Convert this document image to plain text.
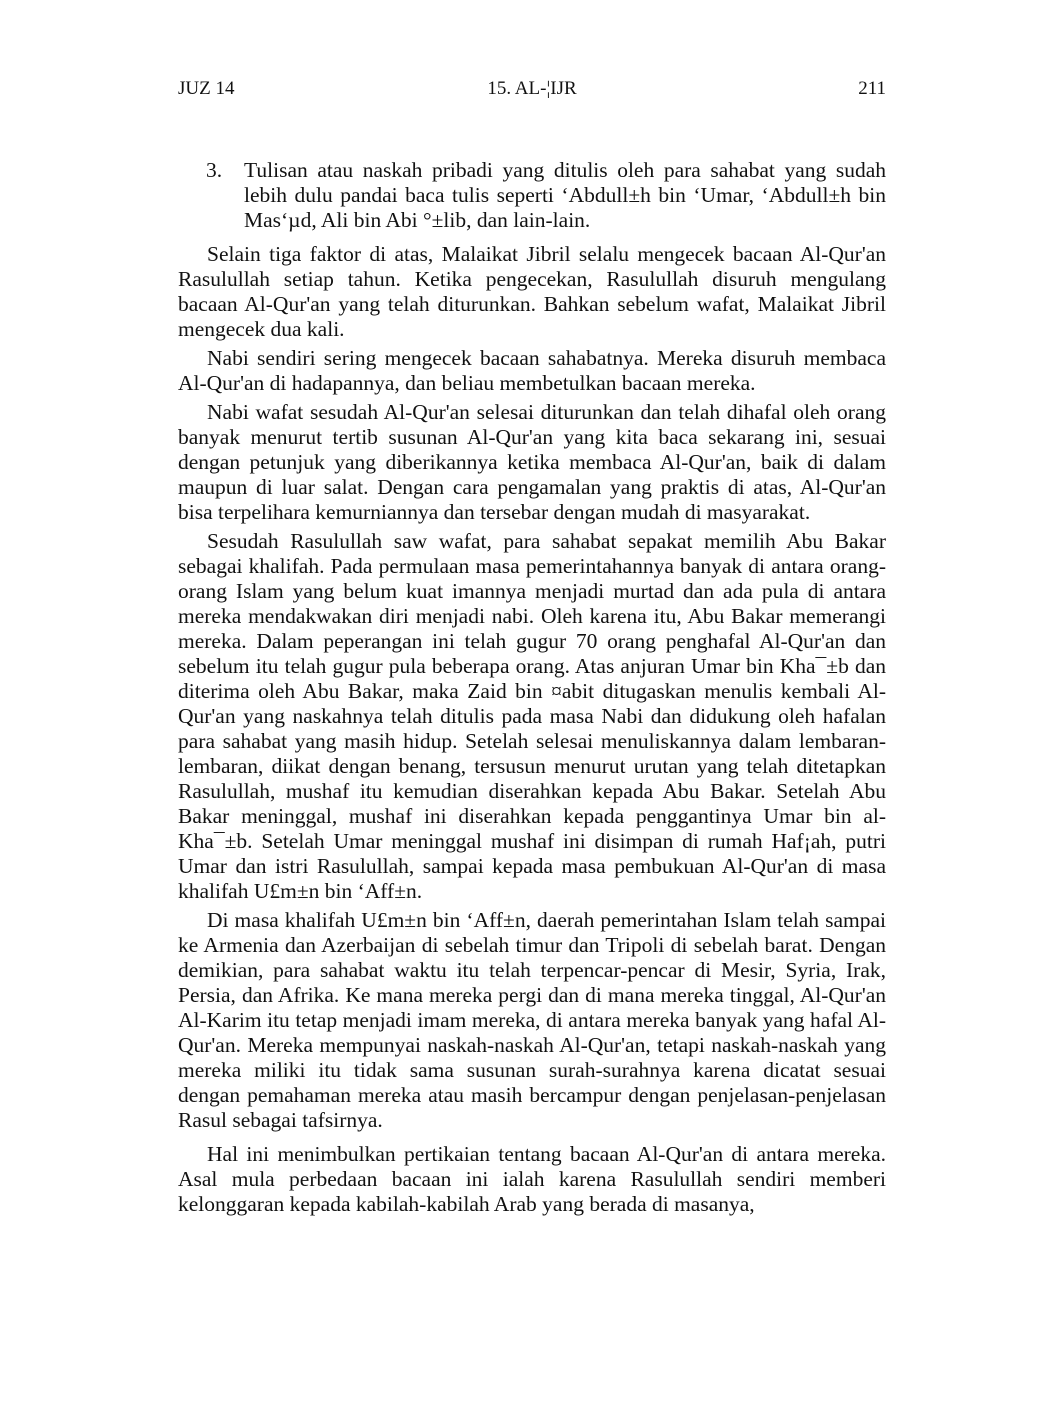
JUZ 14	15. AL-¦IJR	211
3. Tulisan atau naskah pribadi yang ditulis oleh para sahabat yang sudah lebih dulu pandai baca tulis seperti ‘Abdull±h bin ‘Umar, ‘Abdull±h bin Mas‘µd, Ali bin Abi °±lib, dan lain-lain.

Selain tiga faktor di atas, Malaikat Jibril selalu mengecek bacaan Al-Qur'an Rasulullah setiap tahun. Ketika pengecekan, Rasulullah disuruh mengulang bacaan Al-Qur'an yang telah diturunkan. Bahkan sebelum wafat, Malaikat Jibril mengecek dua kali.

Nabi sendiri sering mengecek bacaan sahabatnya. Mereka disuruh membaca Al-Qur'an di hadapannya, dan beliau membetulkan bacaan mereka.

Nabi wafat sesudah Al-Qur'an selesai diturunkan dan telah dihafal oleh orang banyak menurut tertib susunan Al-Qur'an yang kita baca sekarang ini, sesuai dengan petunjuk yang diberikannya ketika membaca Al-Qur'an, baik di dalam maupun di luar salat. Dengan cara pengamalan yang praktis di atas, Al-Qur'an bisa terpelihara kemurniannya dan tersebar dengan mudah di masyarakat.

Sesudah Rasulullah saw wafat, para sahabat sepakat memilih Abu Bakar sebagai khalifah. Pada permulaan masa pemerintahannya banyak di antara orang-orang Islam yang belum kuat imannya menjadi murtad dan ada pula di antara mereka mendakwakan diri menjadi nabi. Oleh karena itu, Abu Bakar memerangi mereka. Dalam peperangan ini telah gugur 70 orang penghafal Al-Qur'an dan sebelum itu telah gugur pula beberapa orang. Atas anjuran Umar bin Kha¯±b dan diterima oleh Abu Bakar, maka Zaid bin ¤abit ditugaskan menulis kembali Al-Qur'an yang naskahnya telah ditulis pada masa Nabi dan didukung oleh hafalan para sahabat yang masih hidup. Setelah selesai menuliskannya dalam lembaran-lembaran, diikat dengan benang, tersusun menurut urutan yang telah ditetapkan Rasulullah, mushaf itu kemudian diserahkan kepada Abu Bakar. Setelah Abu Bakar meninggal, mushaf ini diserahkan kepada penggantinya Umar bin al-Kha¯±b. Setelah Umar meninggal mushaf ini disimpan di rumah Haf¡ah, putri Umar dan istri Rasulullah, sampai kepada masa pembukuan Al-Qur'an di masa khalifah U£m±n bin ‘Aff±n.

Di masa khalifah U£m±n bin ‘Aff±n, daerah pemerintahan Islam telah sampai ke Armenia dan Azerbaijan di sebelah timur dan Tripoli di sebelah barat. Dengan demikian, para sahabat waktu itu telah terpencar-pencar di Mesir, Syria, Irak, Persia, dan Afrika. Ke mana mereka pergi dan di mana mereka tinggal, Al-Qur'an Al-Karim itu tetap menjadi imam mereka, di antara mereka banyak yang hafal Al-Qur'an. Mereka mempunyai naskah-naskah Al-Qur'an, tetapi naskah-naskah yang mereka miliki itu tidak sama susunan surah-surahnya karena dicatat sesuai dengan pemahaman mereka atau masih bercampur dengan penjelasan-penjelasan Rasul sebagai tafsirnya.

Hal ini menimbulkan pertikaian tentang bacaan Al-Qur'an di antara mereka. Asal mula perbedaan bacaan ini ialah karena Rasulullah sendiri memberi kelonggaran kepada kabilah-kabilah Arab yang berada di masanya,
